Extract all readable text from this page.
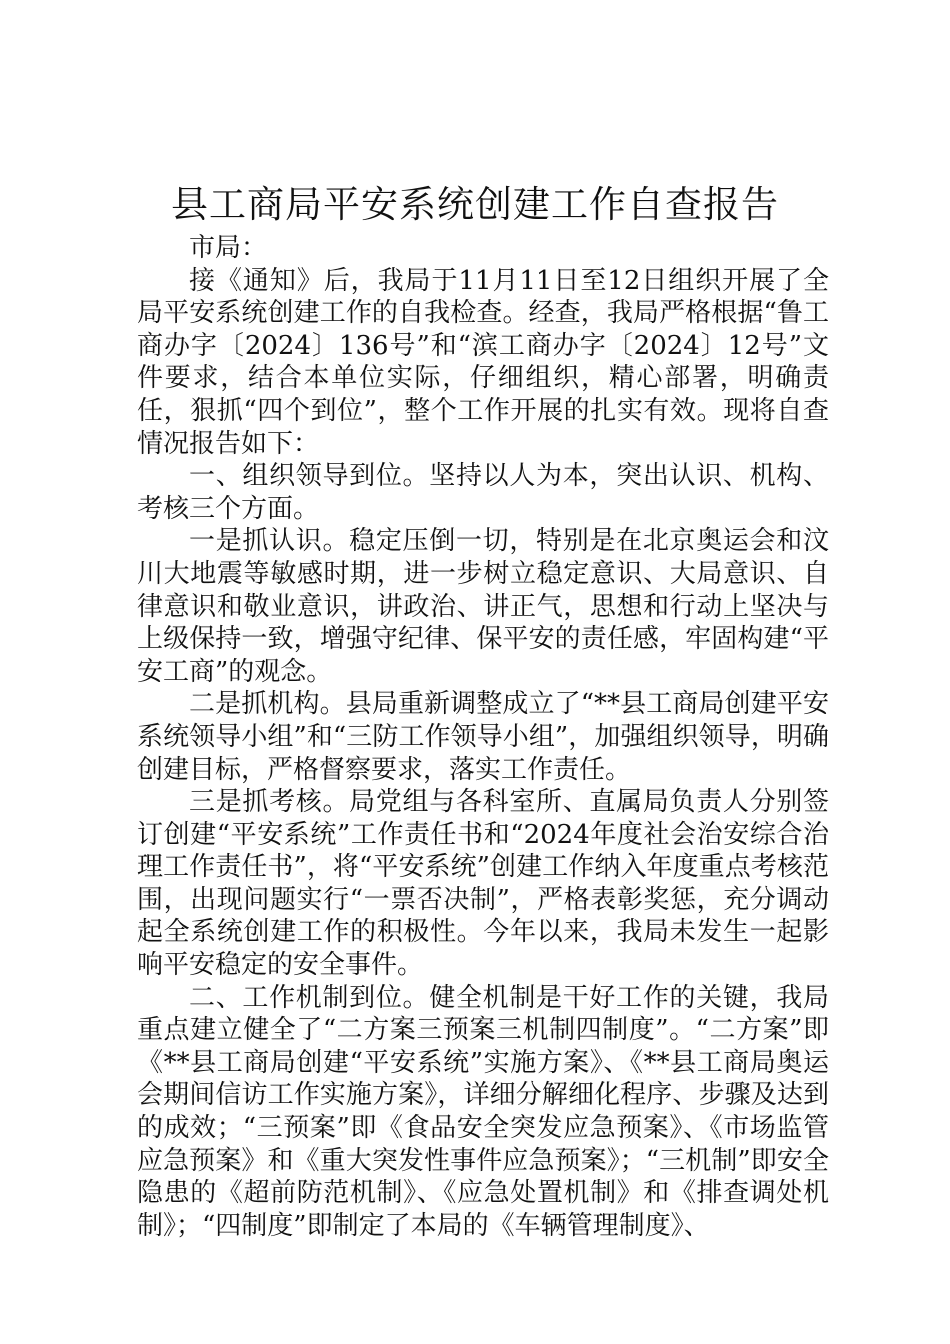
县工商局平安系统创建工作自查报告

市局：

接《通知》后，我局于11月11日至12日组织开展了全局平安系统创建工作的自我检查。经查，我局严格根据“鲁工商办字〔2024〕136号”和“滨工商办字〔2024〕12号”文件要求，结合本单位实际，仔细组织，精心部署，明确责任，狠抓“四个到位”，整个工作开展的扎实有效。现将自查情况报告如下：

一、组织领导到位。坚持以人为本，突出认识、机构、考核三个方面。

一是抓认识。稳定压倒一切，特别是在北京奥运会和汶川大地震等敏感时期，进一步树立稳定意识、大局意识、自律意识和敬业意识，讲政治、讲正气，思想和行动上坚决与上级保持一致，增强守纪律、保平安的责任感，牢固构建“平安工商”的观念。

二是抓机构。县局重新调整成立了“**县工商局创建平安系统领导小组”和“三防工作领导小组”，加强组织领导，明确创建目标，严格督察要求，落实工作责任。

三是抓考核。局党组与各科室所、直属局负责人分别签订创建“平安系统”工作责任书和“2024年度社会治安综合治理工作责任书”，将“平安系统”创建工作纳入年度重点考核范围，出现问题实行“一票否决制”，严格表彰奖惩，充分调动起全系统创建工作的积极性。今年以来，我局未发生一起影响平安稳定的安全事件。

二、工作机制到位。健全机制是干好工作的关键，我局重点建立健全了“二方案三预案三机制四制度”。“二方案”即《**县工商局创建“平安系统”实施方案》、《**县工商局奥运会期间信访工作实施方案》，详细分解细化程序、步骤及达到的成效；“三预案”即《食品安全突发应急预案》、《市场监管应急预案》和《重大突发性事件应急预案》；“三机制”即安全隐患的《超前防范机制》、《应急处置机制》和《排查调处机制》；“四制度”即制定了本局的《车辆管理制度》、
